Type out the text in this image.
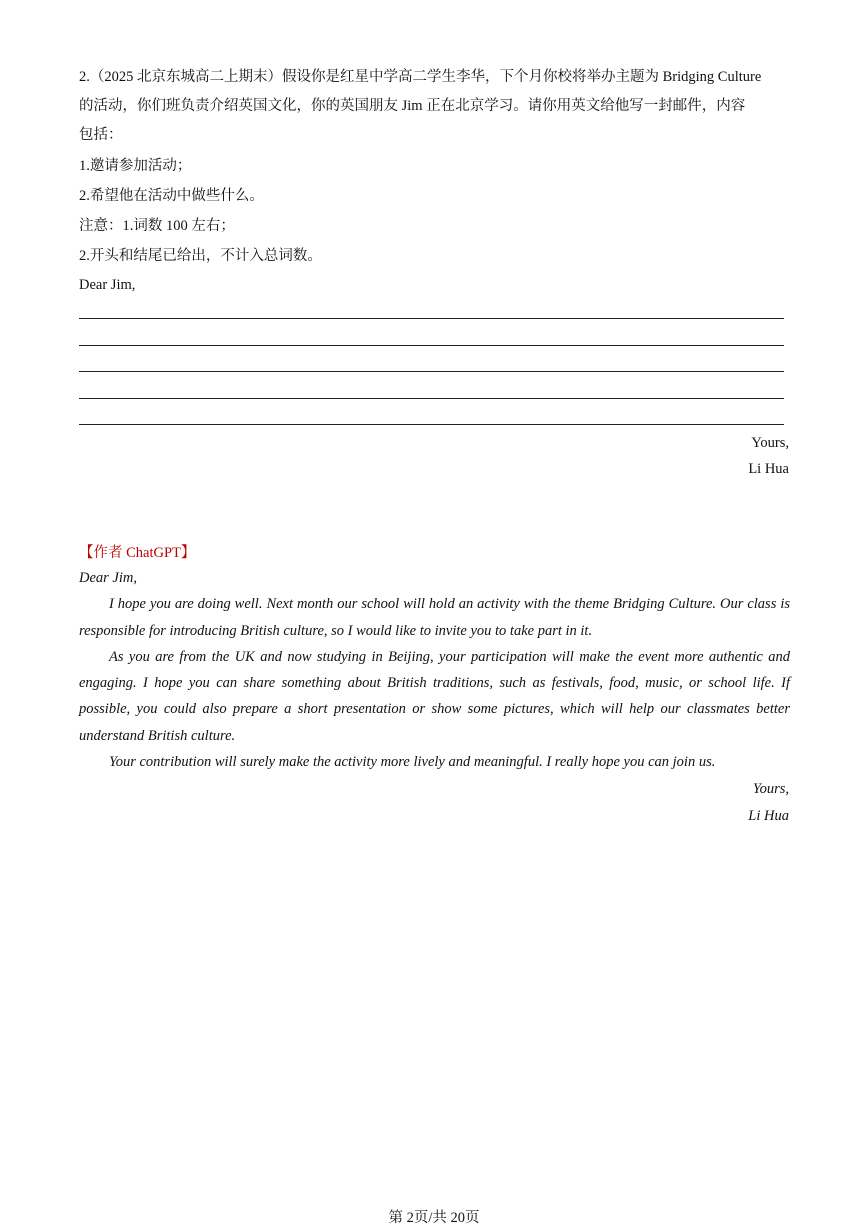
2.（2025 北京东城高二上期末）假设你是红星中学高二学生李华，下个月你校将举办主题为 Bridging Culture
的活动，你们班负责介绍英国文化，你的英国朋友 Jim 正在北京学习。请你用英文给他写一封邮件，内容
包括：
1.邀请参加活动；
2.希望他在活动中做些什么。
注意：1.词数 100 左右；
2.开头和结尾已给出，不计入总词数。
Dear Jim,
Yours,
Li Hua
【作者 ChatGPT】

Dear Jim,

I hope you are doing well. Next month our school will hold an activity with the theme Bridging Culture. Our class is responsible for introducing British culture, so I would like to invite you to take part in it.

As you are from the UK and now studying in Beijing, your participation will make the event more authentic and engaging. I hope you can share something about British traditions, such as festivals, food, music, or school life. If possible, you could also prepare a short presentation or show some pictures, which will help our classmates better understand British culture.

Your contribution will surely make the activity more lively and meaningful. I really hope you can join us.

Yours,
Li Hua
第 2页/共 20页
